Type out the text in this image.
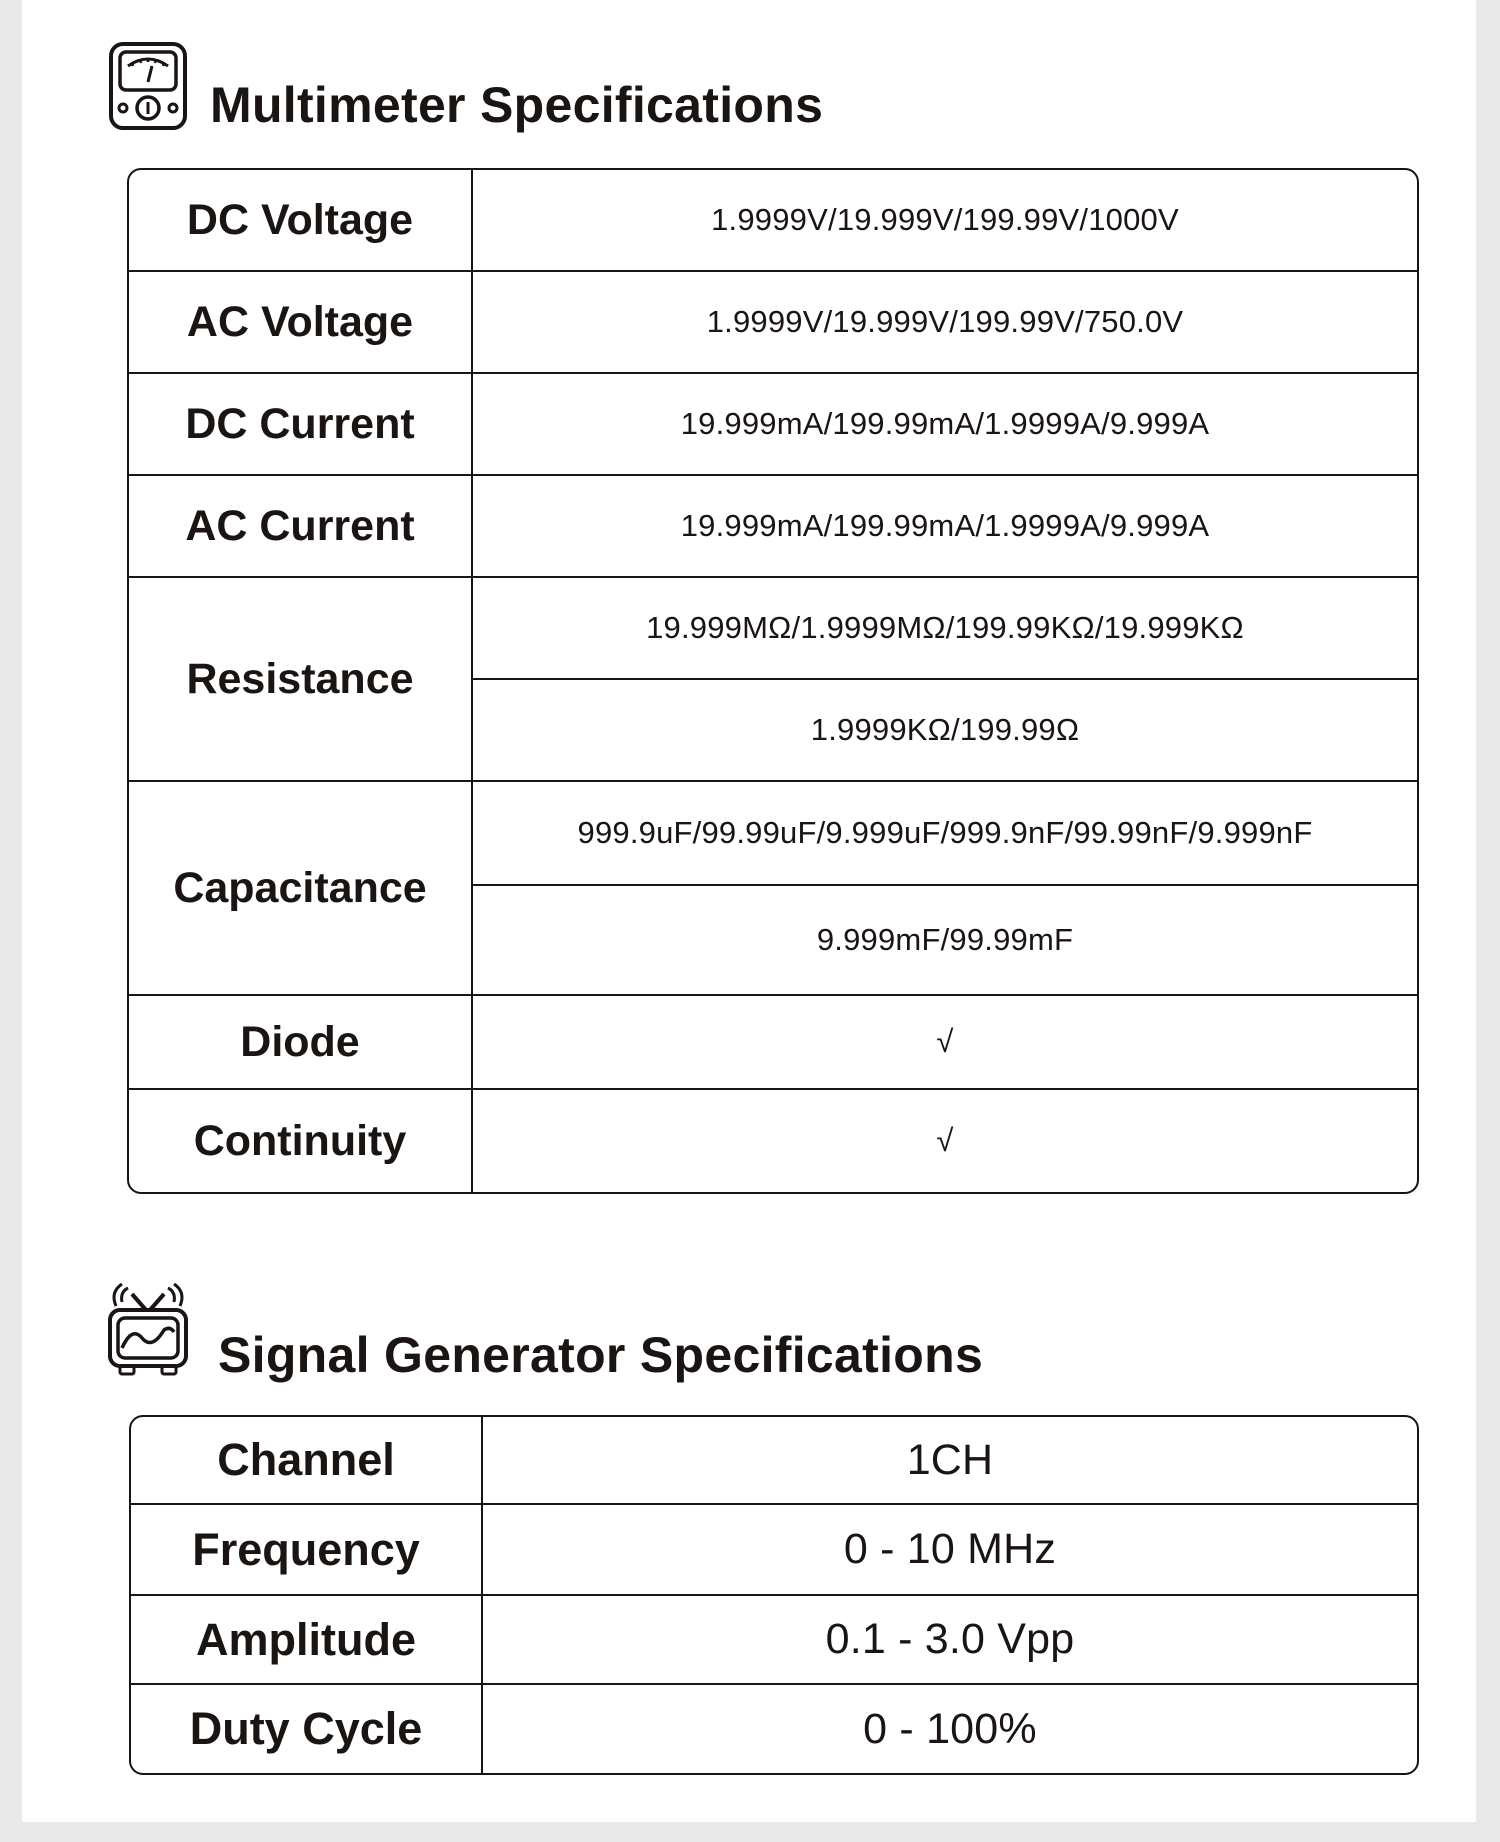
Multimeter Specifications
DC Voltage	1.9999V/19.999V/199.99V/1000V
AC Voltage	1.9999V/19.999V/199.99V/750.0V
DC Current	19.999mA/199.99mA/1.9999A/9.999A
AC Current	19.999mA/199.99mA/1.9999A/9.999A
Resistance	19.999MΩ/1.9999MΩ/199.99KΩ/19.999KΩ
	1.9999KΩ/199.99Ω
Capacitance	999.9uF/99.99uF/9.999uF/999.9nF/99.99nF/9.999nF
	9.999mF/99.99mF
Diode	√
Continuity	√
Signal Generator Specifications
Channel	1CH
Frequency	0 - 10 MHz
Amplitude	0.1 - 3.0 Vpp
Duty Cycle	0 - 100%
